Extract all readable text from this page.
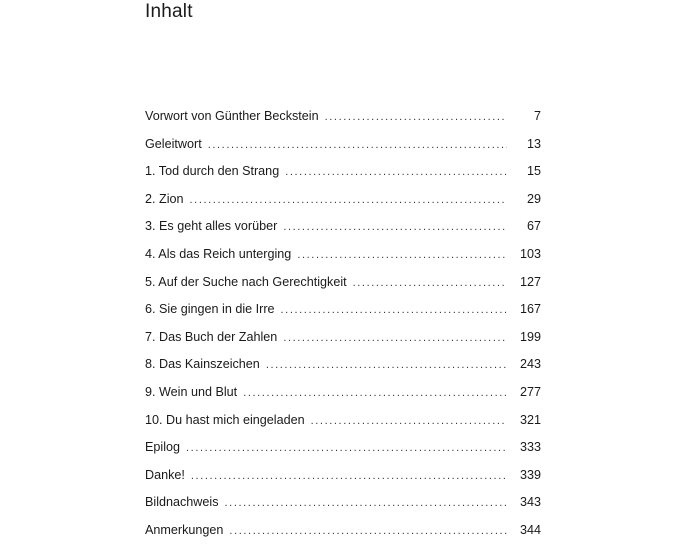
Inhalt
Vorwort von Günther Beckstein .....	7
Geleitwort .....	13
1. Tod durch den Strang .....	15
2. Zion .....	29
3. Es geht alles vorüber .....	67
4. Als das Reich unterging .....	103
5. Auf der Suche nach Gerechtigkeit .....	127
6. Sie gingen in die Irre .....	167
7. Das Buch der Zahlen .....	199
8. Das Kainszeichen .....	243
9. Wein und Blut .....	277
10. Du hast mich eingeladen .....	321
Epilog .....	333
Danke! .....	339
Bildnachweis .....	343
Anmerkungen .....	344
